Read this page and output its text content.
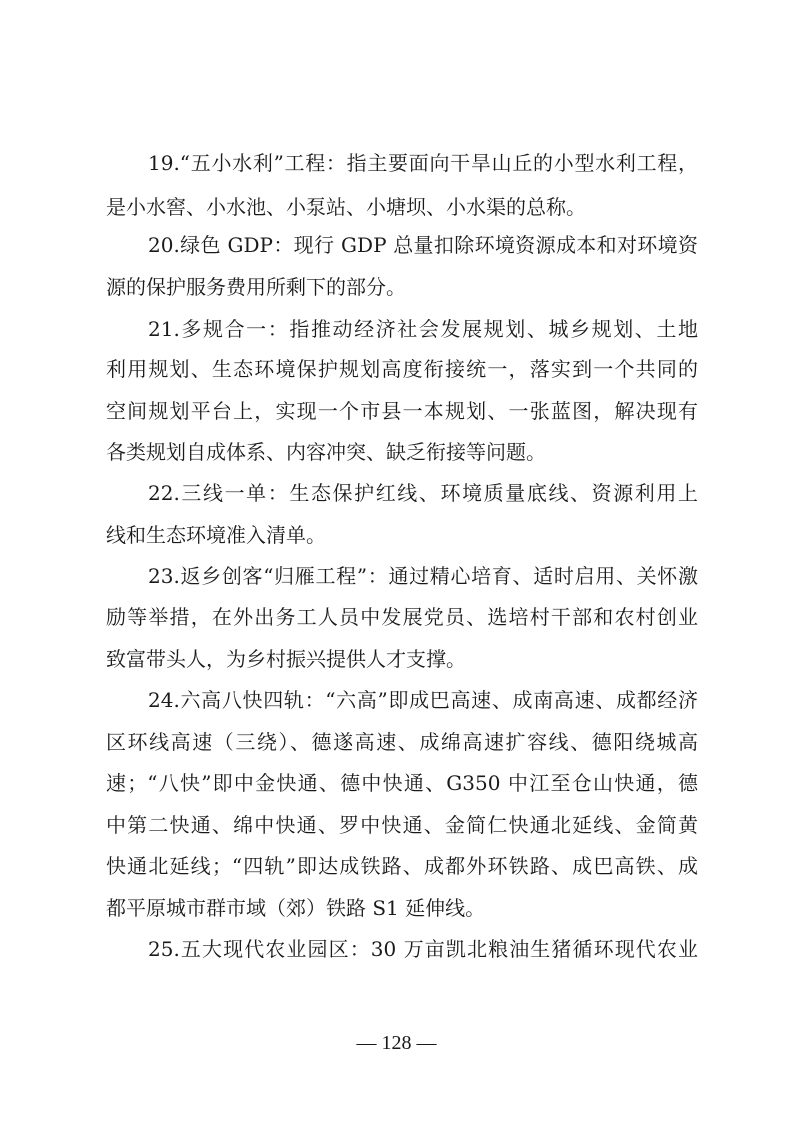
19.“五小水利”工程：指主要面向干旱山丘的小型水利工程，
是小水窖、小水池、小泵站、小塘坝、小水渠的总称。
20.绿色 GDP：现行 GDP 总量扣除环境资源成本和对环境资
源的保护服务费用所剩下的部分。
21.多规合一：指推动经济社会发展规划、城乡规划、土地
利用规划、生态环境保护规划高度衔接统一，落实到一个共同的
空间规划平台上，实现一个市县一本规划、一张蓝图，解决现有
各类规划自成体系、内容冲突、缺乏衔接等问题。
22.三线一单：生态保护红线、环境质量底线、资源利用上
线和生态环境准入清单。
23.返乡创客“归雁工程”：通过精心培育、适时启用、关怀激
励等举措，在外出务工人员中发展党员、选培村干部和农村创业
致富带头人，为乡村振兴提供人才支撑。
24.六高八快四轨：“六高”即成巴高速、成南高速、成都经济
区环线高速（三绕）、德遂高速、成绵高速扩容线、德阳绕城高
速；“八快”即中金快通、德中快通、G350 中江至仓山快通，德
中第二快通、绵中快通、罗中快通、金简仁快通北延线、金简黄
快通北延线；“四轨”即达成铁路、成都外环铁路、成巴高铁、成
都平原城市群市域（郊）铁路 S1 延伸线。
25.五大现代农业园区：30 万亩凯北粮油生猪循环现代农业
— 128 —
